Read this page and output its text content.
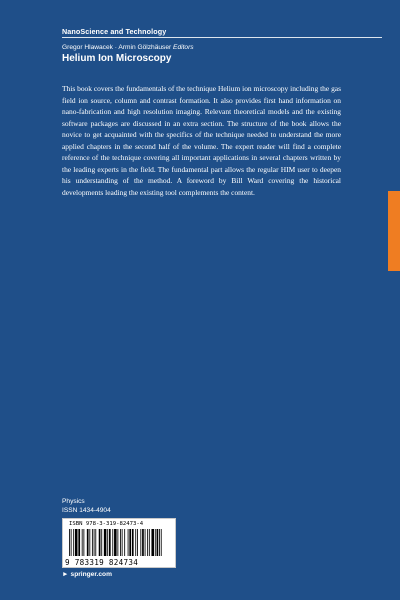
NanoScience and Technology
Gregor Hlawacek · Armin Gölzhäuser Editors
Helium Ion Microscopy

This book covers the fundamentals of the technique Helium ion microscopy including the gas field ion source, column and contrast formation. It also provides first hand information on nano-fabrication and high resolution imaging. Relevant theoretical models and the existing software packages are discussed in an extra section. The structure of the book allows the novice to get acquainted with the specifics of the technique needed to understand the more applied chapters in the second half of the volume. The expert reader will find a complete reference of the technique covering all important applications in several chapters written by the leading experts in the field. The fundamental part allows the regular HIM user to deepen his understanding of the method. A foreword by Bill Ward covering the historical developments leading the existing tool complements the content.

Physics
ISSN 1434-4904
ISBN 978-3-319-82473-4
9 783319 824734
► springer.com
